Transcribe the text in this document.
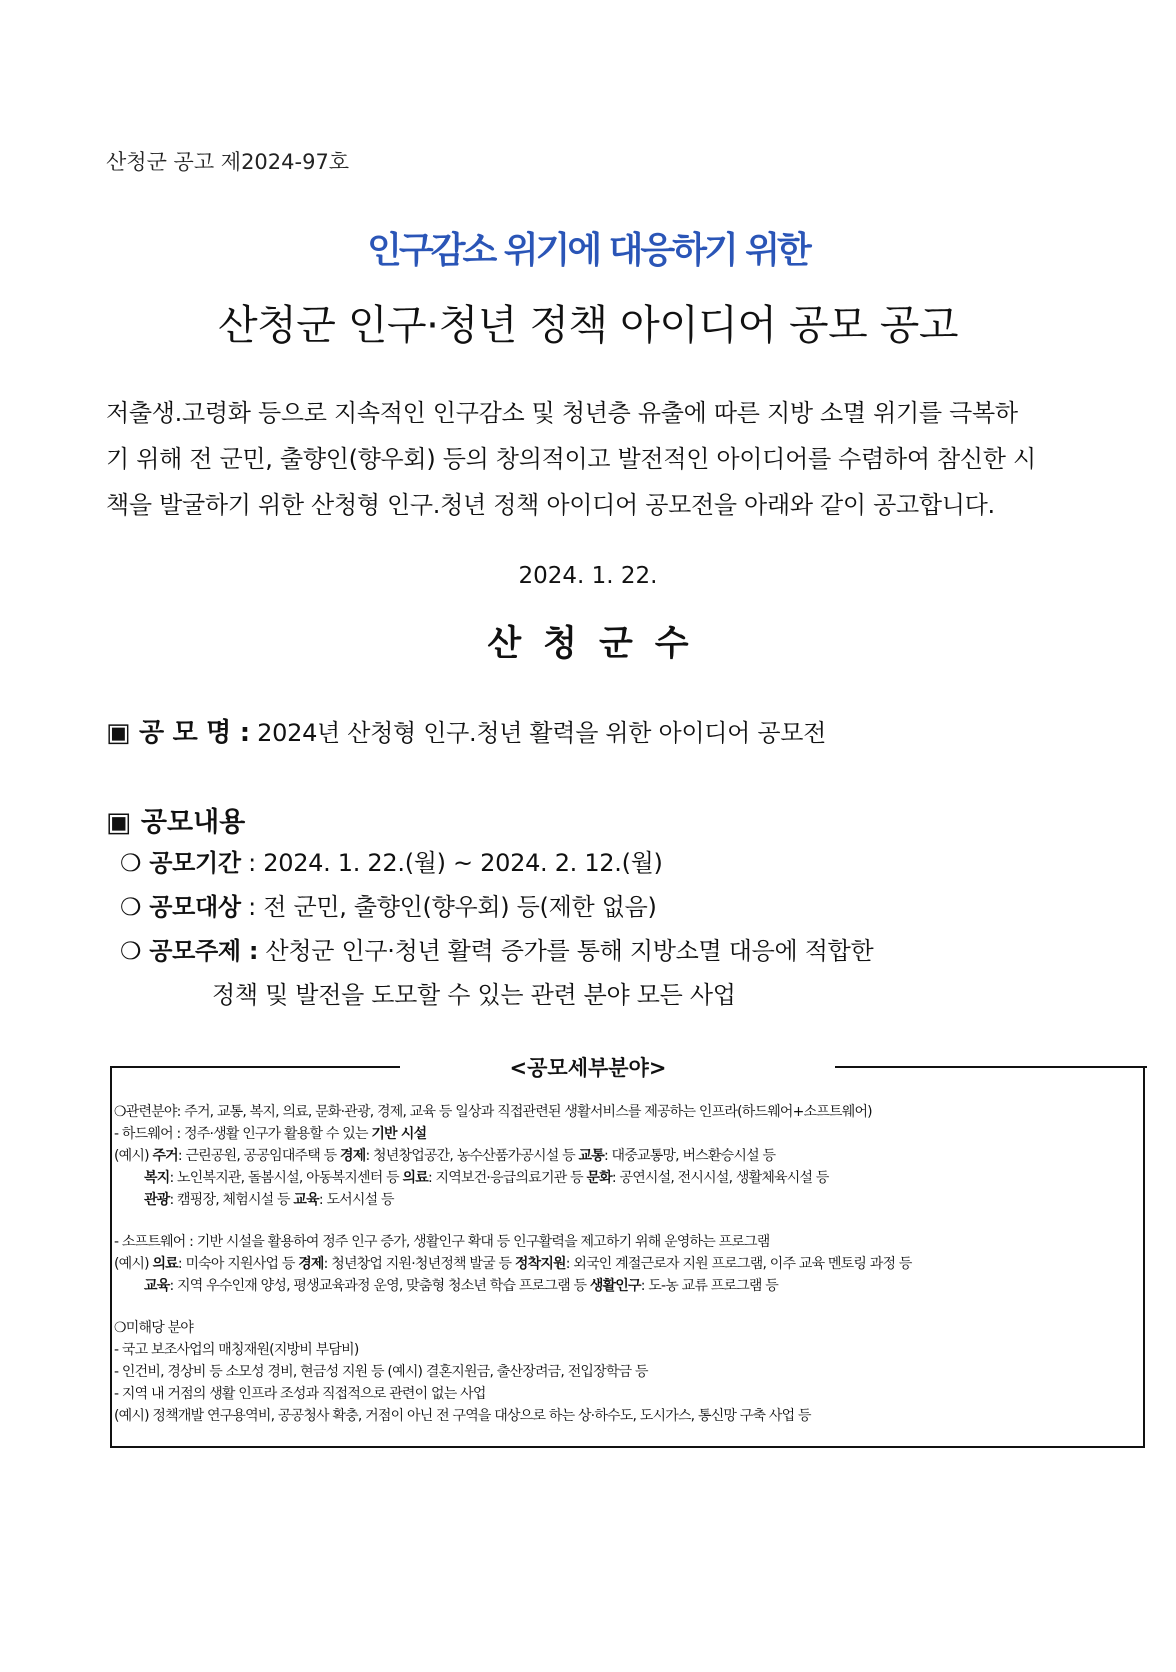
산청군 공고 제2024-97호
인구감소 위기에 대응하기 위한
산청군 인구·청년 정책 아이디어 공모 공고
저출생.고령화 등으로 지속적인 인구감소 및 청년층 유출에 따른 지방 소멸 위기를 극복하
기 위해 전 군민, 출향인(향우회) 등의 창의적이고 발전적인 아이디어를 수렴하여 참신한 시
책을 발굴하기 위한 산청형 인구.청년 정책 아이디어 공모전을 아래와 같이 공고합니다.
2024. 1. 22.
산청군수
▣ 공 모 명 : 2024년 산청형 인구.청년 활력을 위한 아이디어 공모전
▣ 공모내용
❍ 공모기간 : 2024. 1. 22.(월) ~ 2024. 2. 12.(월)
❍ 공모대상 : 전 군민, 출향인(향우회) 등(제한 없음)
❍ 공모주제 : 산청군 인구·청년 활력 증가를 통해 지방소멸 대응에 적합한
정책 및 발전을 도모할 수 있는 관련 분야 모든 사업
<공모세부분야>
❍관련분야: 주거, 교통, 복지, 의료, 문화·관광, 경제, 교육 등 일상과 직접관련된 생활서비스를 제공하는 인프라(하드웨어+소프트웨어)
- 하드웨어 : 정주·생활 인구가 활용할 수 있는 기반 시설
(예시) 주거: 근린공원, 공공임대주택 등 경제: 청년창업공간, 농수산품가공시설 등 교통: 대중교통망, 버스환승시설 등
복지: 노인복지관, 돌봄시설, 아동복지센터 등 의료: 지역보건·응급의료기관 등 문화: 공연시설, 전시시설, 생활체육시설 등
관광: 캠핑장, 체험시설 등 교육: 도서시설 등
- 소프트웨어 : 기반 시설을 활용하여 정주 인구 증가, 생활인구 확대 등 인구활력을 제고하기 위해 운영하는 프로그램
(예시) 의료: 미숙아 지원사업 등 경제: 청년창업 지원·청년정책 발굴 등 정착지원: 외국인 계절근로자 지원 프로그램, 이주 교육 멘토링 과정 등
교육: 지역 우수인재 양성, 평생교육과정 운영, 맞춤형 청소년 학습 프로그램 등 생활인구: 도-농 교류 프로그램 등
❍미해당 분야
- 국고 보조사업의 매칭재원(지방비 부담비)
- 인건비, 경상비 등 소모성 경비, 현금성 지원 등 (예시) 결혼지원금, 출산장려금, 전입장학금 등
- 지역 내 거점의 생활 인프라 조성과 직접적으로 관련이 없는 사업
(예시) 정책개발 연구용역비, 공공청사 확충, 거점이 아닌 전 구역을 대상으로 하는 상·하수도, 도시가스, 통신망 구축 사업 등
